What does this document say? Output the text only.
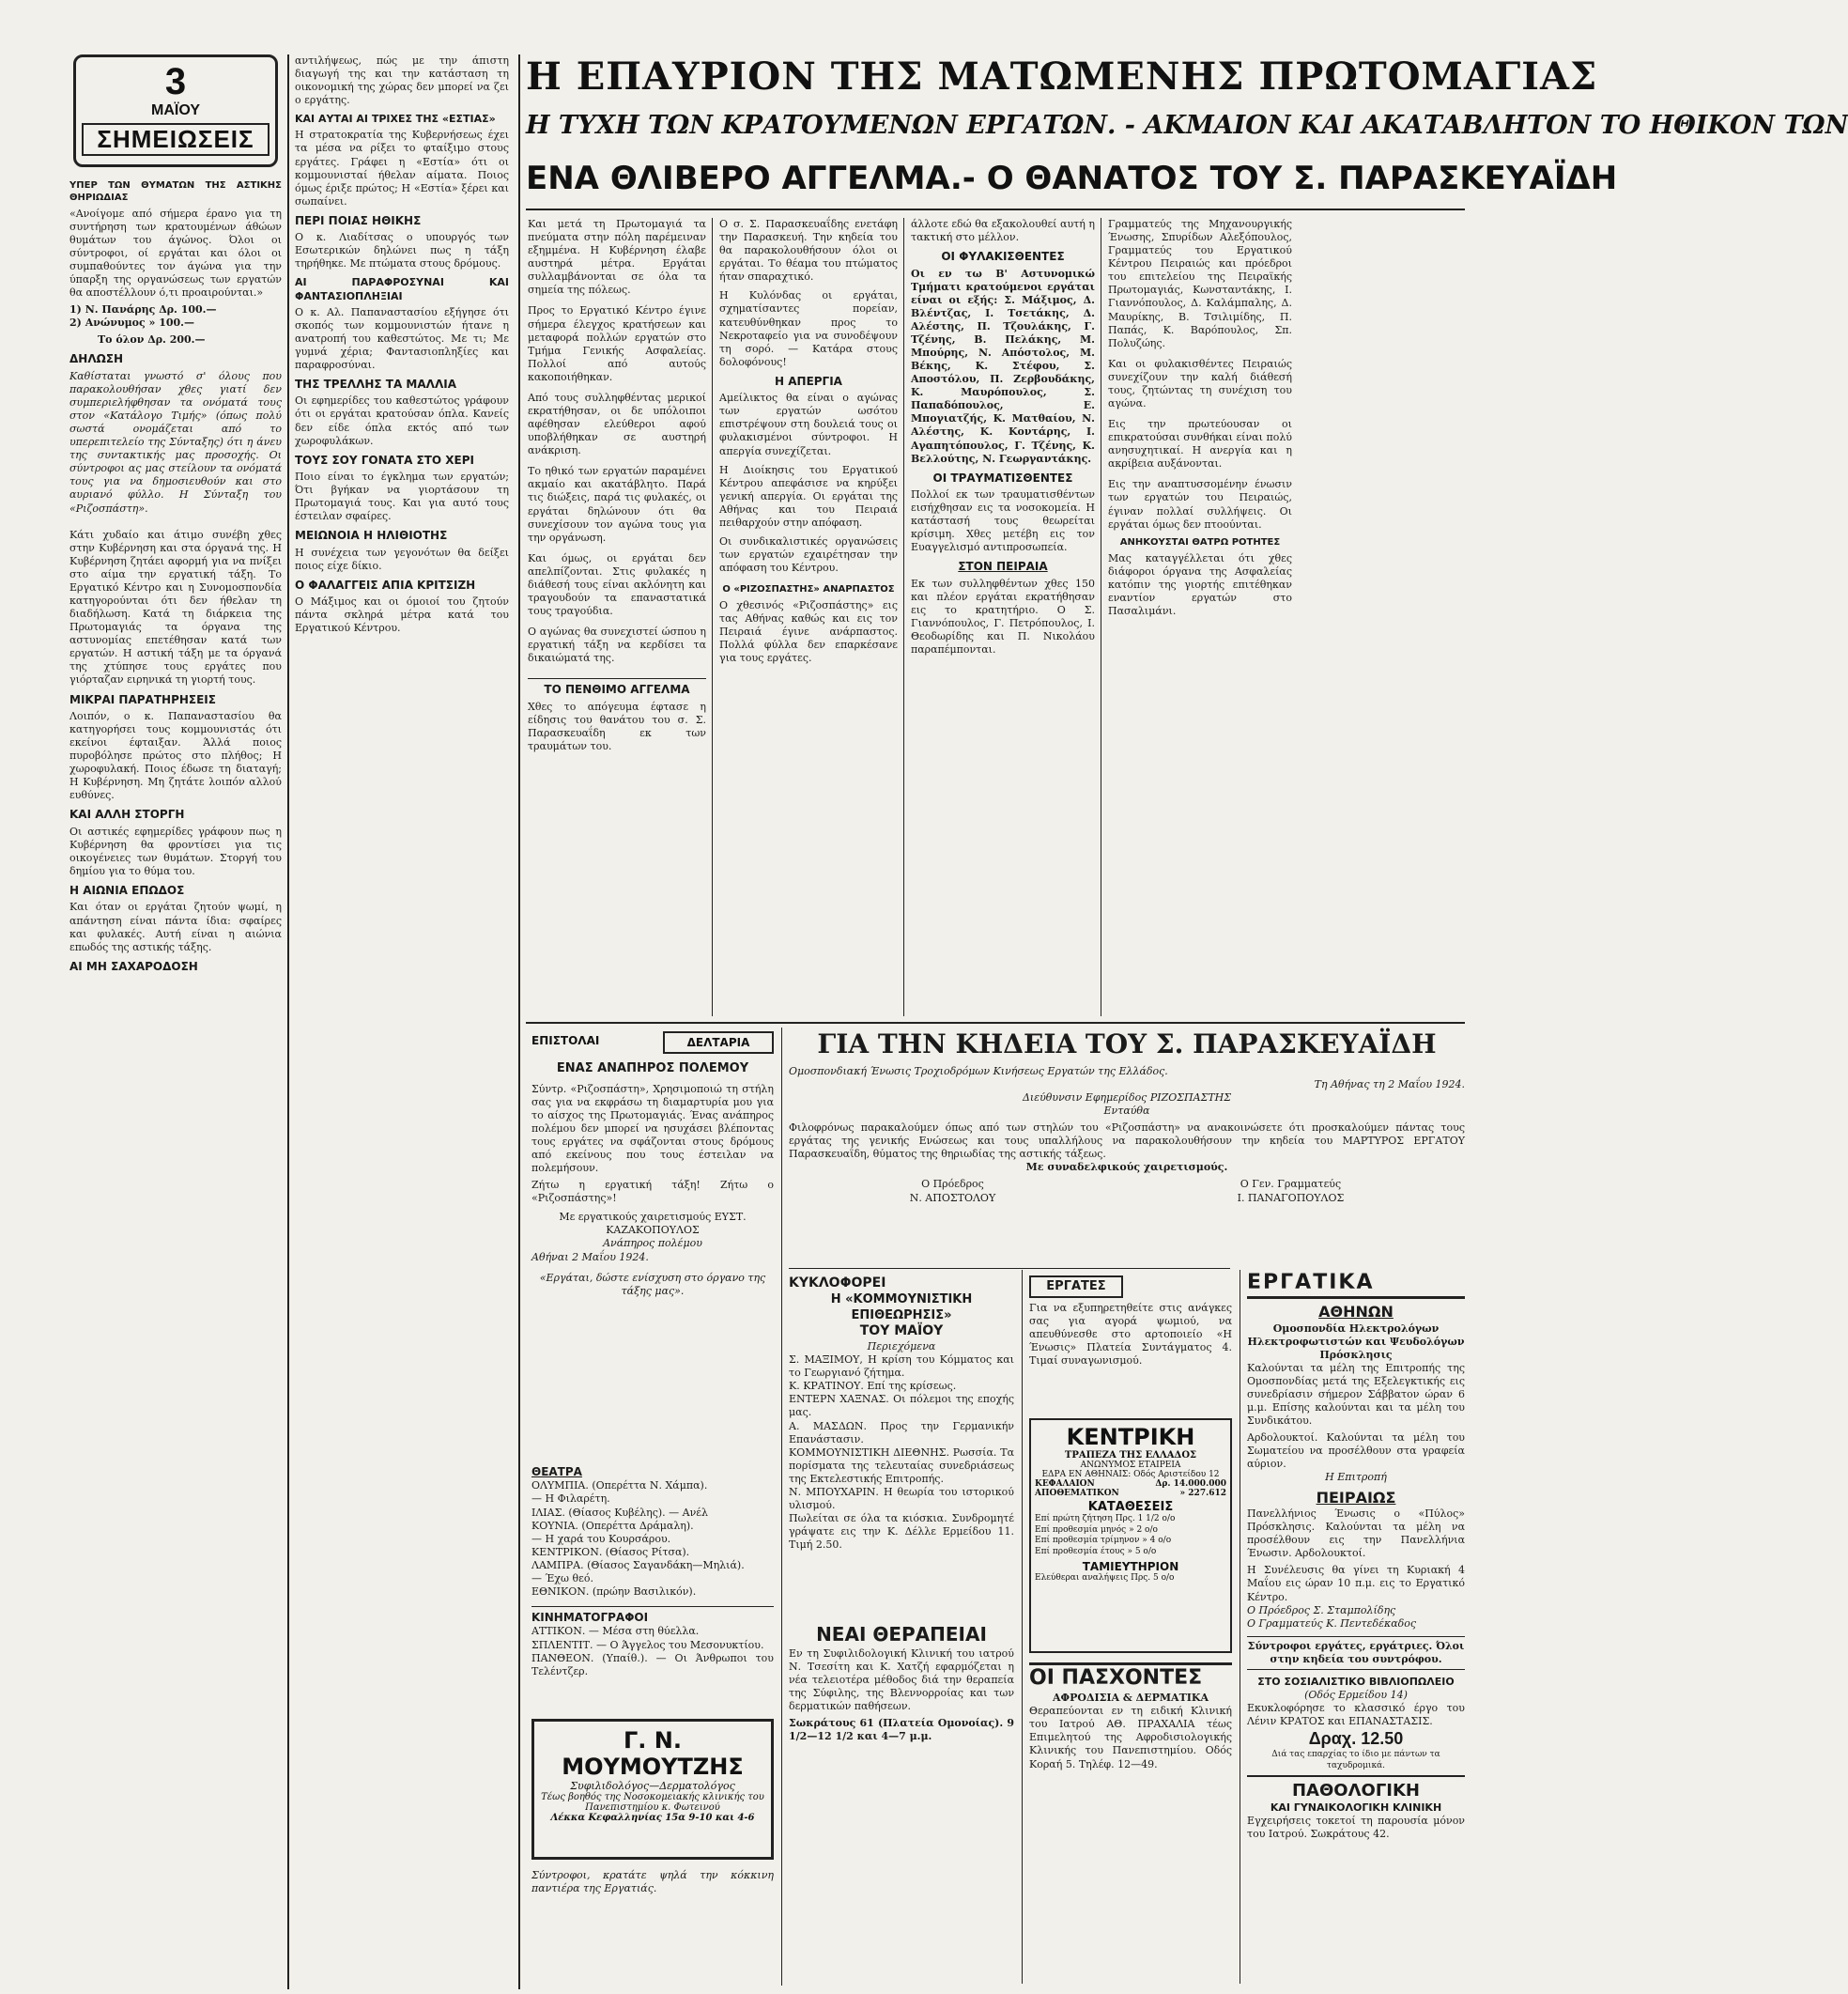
3
ΜΑΪΟΥ
ΣΗΜΕΙΩΣΕΙΣ
ΥΠΕΡ ΤΩΝ ΘΥΜΑΤΩΝ ΤΗΣ ΑΣΤΙΚΗΣ ΘΗΡΙΩΔΙΑΣ
«Ανοίγομε από σήμερα έρανο για τη συντήρηση των κρατουμένων άθώων θυμάτων του άγώνος. Όλοι οι σύντροφοι, οί εργάται και όλοι οι συμπαθούντες τον άγώνα για την ύπαρξη της οργανώσεως των εργατών θα αποστέλλουν ό,τι προαιρούνται.»
1) Ν. Πανάρης Δρ. 100.—
2) Ανώνυμος » 100.—
Το όλον Δρ. 200.—
ΔΗΛΩΣΗ
Καθίσταται γνωστό σ' όλους που παρακολουθήσαν χθες γιατί δεν συμπεριελήφθησαν τα ονόματά τους στον «Κατάλογο Τιμής» (όπως πολύ σωστά ονομάζεται από το υπερεπιτελείο της Σύνταξης) ότι η άνευ της συντακτικής μας προσοχής. Οι σύντροφοι ας μας στείλουν τα ονόματά τους για να δημοσιευθούν και στο αυριανό φύλλο. Η Σύνταξη του «Ριζοσπάστη».
Κάτι χυδαίο και άτιμο συνέβη χθες στην Κυβέρνηση και στα όργανά της. Η Κυβέρνηση ζητάει αφορμή για να πνίξει στο αίμα την εργατική τάξη. Το Εργατικό Κέντρο και η Συνομοσπονδία κατηγορούνται ότι δεν ήθελαν τη διαδήλωση. Κατά τη διάρκεια της Πρωτομαγιάς τα όργανα της αστυνομίας επετέθησαν κατά των εργατών. Η αστική τάξη με τα όργανά της χτύπησε τους εργάτες που γιόρταζαν ειρηνικά τη γιορτή τους.
ΜΙΚΡΑΙ ΠΑΡΑΤΗΡΗΣΕΙΣ
Λοιπόν, ο κ. Παπαναστασίου θα κατηγορήσει τους κομμουνιστάς ότι εκείνοι έφταιξαν. Άλλά ποιος πυροβόλησε πρώτος στο πλήθος; Η χωροφυλακή. Ποιος έδωσε τη διαταγή; Η Κυβέρνηση. Μη ζητάτε λοιπόν αλλού ευθύνες.
ΚΑΙ ΑΛΛΗ ΣΤΟΡΓΗ
Οι αστικές εφημερίδες γράφουν πως η Κυβέρνηση θα φροντίσει για τις οικογένειες των θυμάτων. Στοργή του δημίου για το θύμα του.
Η ΑΙΩΝΙΑ ΕΠΩΔΟΣ
Και όταν οι εργάται ζητούν ψωμί, η απάντηση είναι πάντα ίδια: σφαίρες και φυλακές. Αυτή είναι η αιώνια επωδός της αστικής τάξης.
ΑΙ ΜΗ ΣΑΧΑΡΟΔΟΣΗ
αντιλήψεως, πώς με την άπιστη διαγωγή της και την κατάσταση τη οικονομική της χώρας δεν μπορεί να ζει ο εργάτης.
ΚΑΙ ΑΥΤΑΙ ΑΙ ΤΡΙΧΕΣ ΤΗΣ «ΕΣΤΙΑΣ»
Η στρατοκρατία της Κυβερνήσεως έχει τα μέσα να ρίξει το φταίξιμο στους εργάτες. Γράφει η «Εστία» ότι οι κομμουνισταί ήθελαν αίματα. Ποιος όμως έριξε πρώτος; Η «Εστία» ξέρει και σωπαίνει.
ΠΕΡΙ ΠΟΙΑΣ ΗΘΙΚΗΣ
Ο κ. Λιαδίτσας ο υπουργός των Εσωτερικών δηλώνει πως η τάξη τηρήθηκε. Με πτώματα στους δρόμους.
ΑΙ ΠΑΡΑΦΡΟΣΥΝΑΙ ΚΑΙ ΦΑΝΤΑΣΙΟΠΛΗΞΙΑΙ
Ο κ. Αλ. Παπαναστασίου εξήγησε ότι σκοπός των κομμουνιστών ήτανε η ανατροπή του καθεστώτος. Με τι; Με γυμνά χέρια; Φαντασιοπληξίες και παραφροσύναι.
ΤΗΣ ΤΡΕΛΛΗΣ ΤΑ ΜΑΛΛΙΑ
Οι εφημερίδες του καθεστώτος γράφουν ότι οι εργάται κρατούσαν όπλα. Κανείς δεν είδε όπλα εκτός από των χωροφυλάκων.
ΤΟΥΣ ΣΟΥ ΓΟΝΑΤΑ ΣΤΟ ΧΕΡΙ
Ποιο είναι το έγκλημα των εργατών; Ότι βγήκαν να γιορτάσουν τη Πρωτομαγιά τους. Και για αυτό τους έστειλαν σφαίρες.
ΜΕΙΩΝΟΙΑ Η ΗΛΙΘΙΟΤΗΣ
Η συνέχεια των γεγονότων θα δείξει ποιος είχε δίκιο.
Ο ΦΑΛΑΓΓΕΙΣ ΑΠΙΑ ΚΡΙΤΣΙΖΗ
Ο Μάξιμος και οι όμοιοί του ζητούν πάντα σκληρά μέτρα κατά του Εργατικού Κέντρου.
Η ΕΠΑΥΡΙΟΝ ΤΗΣ ΜΑΤΩΜΕΝΗΣ ΠΡΩΤΟΜΑΓΙΑΣ
Η ΤΥΧΗ ΤΩΝ ΚΡΑΤΟΥΜΕΝΩΝ ΕΡΓΑΤΩΝ. - ΑΚΜΑΙΟΝ ΚΑΙ ΑΚΑΤΑΒΛΗΤΟΝ ΤΟ ΗΘΙΚΟΝ ΤΩΝ
ΕΝΑ ΘΛΙΒΕΡΟ ΑΓΓΕΛΜΑ.- Ο ΘΑΝΑΤΟΣ ΤΟΥ Σ. ΠΑΡΑΣΚΕΥΑΪΔΗ
Και μετά τη Πρωτομαγιά τα πνεύματα στην πόλη παρέμειναν εξημμένα. Η Κυβέρνηση έλαβε αυστηρά μέτρα. Εργάται συλλαμβάνονται σε όλα τα σημεία της πόλεως.
Προς το Εργατικό Κέντρο έγινε σήμερα έλεγχος κρατήσεων και μεταφορά πολλών εργατών στο Τμήμα Γενικής Ασφαλείας. Πολλοί από αυτούς κακοποιήθηκαν.
Από τους συλληφθέντας μερικοί εκρατήθησαν, οι δε υπόλοιποι αφέθησαν ελεύθεροι αφού υποβλήθηκαν σε αυστηρή ανάκριση.
Το ηθικό των εργατών παραμένει ακμαίο και ακατάβλητο. Παρά τις διώξεις, παρά τις φυλακές, οι εργάται δηλώνουν ότι θα συνεχίσουν τον αγώνα τους για την οργάνωση.
Και όμως, οι εργάται δεν απελπίζονται. Στις φυλακές η διάθεσή τους είναι ακλόνητη και τραγουδούν τα επαναστατικά τους τραγούδια.
Ο αγώνας θα συνεχιστεί ώσπου η εργατική τάξη να κερδίσει τα δικαιώματά της.
ΤΟ ΠΕΝΘΙΜΟ ΑΓΓΕΛΜΑ
Χθες το απόγευμα έφτασε η είδησις του θανάτου του σ. Σ. Παρασκευαΐδη εκ των τραυμάτων του.
Ο σ. Σ. Παρασκευαΐδης ενετάφη την Παρασκευή. Την κηδεία του θα παρακολουθήσουν όλοι οι εργάται. Το θέαμα του πτώματος ήταν σπαραχτικό.
Η Κυλόνδας οι εργάται, σχηματίσαντες πορείαν, κατευθύνθηκαν προς το Νεκροταφείο για να συνοδέψουν τη σορό. — Κατάρα στους δολοφόνους!
Η ΑΠΕΡΓΙΑ
Αμείλικτος θα είναι ο αγώνας των εργατών ωσότου επιστρέψουν στη δουλειά τους οι φυλακισμένοι σύντροφοι. Η απεργία συνεχίζεται.
Η Διοίκησις του Εργατικού Κέντρου απεφάσισε να κηρύξει γενική απεργία. Οι εργάται της Αθήνας και του Πειραιά πειθαρχούν στην απόφαση.
Οι συνδικαλιστικές οργανώσεις των εργατών εχαιρέτησαν την απόφαση του Κέντρου.
Ο «ΡΙΖΟΣΠΑΣΤΗΣ» ΑΝΑΡΠΑΣΤΟΣ
Ο χθεσινός «Ριζοσπάστης» εις τας Αθήνας καθώς και εις τον Πειραιά έγινε ανάρπαστος. Πολλά φύλλα δεν επαρκέσανε για τους εργάτες.
άλλοτε εδώ θα εξακολουθεί αυτή η τακτική στο μέλλον.
ΟΙ ΦΥΛΑΚΙΣΘΕΝΤΕΣ
Οι εν τω Β' Αστυνομικώ Τμήματι κρατούμενοι εργάται είναι οι εξής: Σ. Μάξιμος, Δ. Βλέντζας, Ι. Τσετάκης, Δ. Αλέστης, Π. Τζουλάκης, Γ. Τζένης, Β. Πελάκης, Μ. Μπούρης, Ν. Απόστολος, Μ. Βέκης, Κ. Στέφου, Σ. Αποστόλου, Π. Ζερβουδάκης, Κ. Μαυρόπουλος, Σ. Παπαδόπουλος, Ε. Μπογιατζής, Κ. Ματθαίου, Ν. Αλέστης, Κ. Κοντάρης, Ι. Αγαπητόπουλος, Γ. Τζένης, Κ. Βελλούτης, Ν. Γεωργαντάκης.
ΟΙ ΤΡΑΥΜΑΤΙΣΘΕΝΤΕΣ
Πολλοί εκ των τραυματισθέντων εισήχθησαν εις τα νοσοκομεία. Η κατάστασή τους θεωρείται κρίσιμη. Χθες μετέβη εις τον Ευαγγελισμό αντιπροσωπεία.
ΣΤΟΝ ΠΕΙΡΑΙΑ
Εκ των συλληφθέντων χθες 150 και πλέον εργάται εκρατήθησαν εις το κρατητήριο. Ο Σ. Γιαννόπουλος, Γ. Πετρόπουλος, Ι. Θεοδωρίδης και Π. Νικολάου παραπέμπονται.
Γραμματεύς της Μηχανουργικής Ένωσης, Σπυρίδων Αλεξόπουλος, Γραμματεύς του Εργατικού Κέντρου Πειραιώς και πρόεδροι του επιτελείου της Πειραϊκής Πρωτομαγιάς, Κωνσταντάκης, Ι. Γιαννόπουλος, Δ. Καλάμπαλης, Δ. Μαυρίκης, Β. Τσιλιμίδης, Π. Παπάς, Κ. Βαρόπουλος, Σπ. Πολυζώης.
Και οι φυλακισθέντες Πειραιώς συνεχίζουν την καλή διάθεσή τους, ζητώντας τη συνέχιση του αγώνα.
Εις την πρωτεύουσαν οι επικρατούσαι συνθήκαι είναι πολύ ανησυχητικαί. Η ανεργία και η ακρίβεια αυξάνονται.
Εις την αναπτυσσομένην ένωσιν των εργατών του Πειραιώς, έγιναν πολλαί συλλήψεις. Οι εργάται όμως δεν πτοούνται.
ΑΝΗΚΟΥΣΤΑΙ ΘΑΤΡΩ ΡΟΤΗΤΕΣ
Μας καταγγέλλεται ότι χθες διάφοροι όργανα της Ασφαλείας κατόπιν της γιορτής επιτέθηκαν εναντίον εργατών στο Πασαλιμάνι.
ΕΠΙΣΤΟΛΑΙ	ΔΕΛΤΑΡΙΑ
ΕΝΑΣ ΑΝΑΠΗΡΟΣ ΠΟΛΕΜΟΥ
Σύντρ. «Ριζοσπάστη», Χρησιμοποιώ τη στήλη σας για να εκφράσω τη διαμαρτυρία μου για το αίσχος της Πρωτομαγιάς. Ένας ανάπηρος πολέμου δεν μπορεί να ησυχάσει βλέποντας τους εργάτες να σφάζονται στους δρόμους από εκείνους που τους έστειλαν να πολεμήσουν.
Ζήτω η εργατική τάξη! Ζήτω ο «Ριζοσπάστης»!
Με εργατικούς χαιρετισμούς ΕΥΣΤ. ΚΑΖΑΚΟΠΟΥΛΟΣ
Ανάπηρος πολέμου
Αθήναι 2 Μαΐου 1924.
«Εργάται, δώστε ενίσχυση στο όργανο της τάξης μας».
ΘΕΑΤΡΑ
ΟΛΥΜΠΙΑ. (Οπερέττα Ν. Χάμπα).
— Η Φιλαρέτη.
ΙΛΙΑΣ. (Θίασος Κυβέλης). — Ανέλ
ΚΟΥΝΙΑ. (Οπερέττα Δράμαλη).
— Η χαρά του Κουρσάρου.
ΚΕΝΤΡΙΚΟΝ. (Θίασος Ρίτσα).
ΛΑΜΠΡΑ. (Θίασος Σαγανδάκη—Μηλιά).
— Έχω θεό.
ΕΘΝΙΚΟΝ. (πρώην Βασιλικόν).
ΚΙΝΗΜΑΤΟΓΡΑΦΟΙ
ΑΤΤΙΚΟΝ. — Μέσα στη θύελλα.
ΣΠΛΕΝΤΙΤ. — Ο Άγγελος του Μεσονυκτίου.
ΠΑΝΘΕΟΝ. (Υπαίθ.). — Οι Άνθρωποι του Τελέντζερ.
Γ. Ν. ΜΟΥΜΟΥΤΖΗΣ
Συφιλιδολόγος—Δερματολόγος
Τέως βοηθός της Νοσοκομειακής κλινικής του Πανεπιστημίου κ. Φωτεινού
Λέκκα Κεφαλληνίας 15α 9-10 και 4-6
Σύντροφοι, κρατάτε ψηλά την κόκκινη παντιέρα της Εργατιάς.
ΓΙΑ ΤΗΝ ΚΗΔΕΙΑ ΤΟΥ Σ. ΠΑΡΑΣΚΕΥΑΪΔΗ
Ομοσπονδιακή Ένωσις Τροχιοδρόμων Κινήσεως Εργατών της Ελλάδος.
Τη Αθήνας τη 2 Μαΐου 1924.
Διεύθυνσιν Εφημερίδος ΡΙΖΟΣΠΑΣΤΗΣ
Ενταύθα
Φιλοφρόνως παρακαλούμεν όπως από των στηλών του «Ριζοσπάστη» να ανακοινώσετε ότι προσκαλούμεν πάντας τους εργάτας της γενικής Ενώσεως και τους υπαλλήλους να παρακολουθήσουν την κηδεία του ΜΑΡΤΥΡΟΣ ΕΡΓΑΤΟΥ Παρασκευαΐδη, θύματος της θηριωδίας της αστικής τάξεως.
Με συναδελφικούς χαιρετισμούς.
Ο Πρόεδρος
Ν. ΑΠΟΣΤΟΛΟΥ
Ο Γεν. Γραμματεύς
Ι. ΠΑΝΑΓΟΠΟΥΛΟΣ
ΚΥΚΛΟΦΟΡΕΙ
Η «ΚΟΜΜΟΥΝΙΣΤΙΚΗ ΕΠΙΘΕΩΡΗΣΙΣ»
ΤΟΥ ΜΑΪΟΥ
Περιεχόμενα
Σ. ΜΑΞΙΜΟΥ, Η κρίση του Κόμματος και το Γεωργιανό ζήτημα.
Κ. ΚΡΑΤΙΝΟΥ. Επί της κρίσεως.
ΕΝΤΕΡΝ ΧΑΞΝΑΣ. Οι πόλεμοι της εποχής μας.
Α. ΜΑΣΔΩΝ. Προς την Γερμανικήν Επανάστασιν.
ΚΟΜΜΟΥΝΙΣΤΙΚΗ ΔΙΕΘΝΗΣ. Ρωσσία. Τα πορίσματα της τελευταίας συνεδριάσεως της Εκτελεστικής Επιτροπής.
Ν. ΜΠΟΥΧΑΡΙΝ. Η θεωρία του ιστορικού υλισμού.
Πωλείται σε όλα τα κιόσκια. Συνδρομητέ γράψατε εις την Κ. Δέλλε Ερμείδου 11. Τιμή 2.50.
ΝΕΑΙ ΘΕΡΑΠΕΙΑΙ
Εν τη Συφιλιδολογική Κλινική του ιατρού Ν. Τσεσίτη και Κ. Χατζή εφαρμόζεται η νέα τελειοτέρα μέθοδος διά την θεραπεία της Σύφιλης, της Βλεννορροίας και των δερματικών παθήσεων.
Σωκράτους 61 (Πλατεία Ομονοίας). 9 1/2—12 1/2 και 4—7 μ.μ.
ΕΡΓΑΤΕΣ
Για να εξυπηρετηθείτε στις ανάγκες σας για αγορά ψωμιού, να απευθύνεσθε στο αρτοποιείο «Η Ένωσις» Πλατεία Συντάγματος 4. Τιμαί συναγωνισμού.
ΚΕΝΤΡΙΚΗ
ΤΡΑΠΕΖΑ ΤΗΣ ΕΛΛΑΔΟΣ
ΑΝΩΝΥΜΟΣ ΕΤΑΙΡΕΙΑ
ΕΔΡΑ ΕΝ ΑΘΗΝΑΙΣ: Οδός Αριστείδου 12
ΚΕΦΑΛΑΙΟΝ	Δρ. 14.000.000
ΑΠΟΘΕΜΑΤΙΚΟΝ	» 227.612
ΚΑΤΑΘΕΣΕΙΣ
Επί πρώτη ζήτηση Πρς. 1 1/2 ο/ο
Επί προθεσμία μηνός » 2 ο/ο
Επί προθεσμία τρίμηνον » 4 ο/ο
Επί προθεσμία έτους » 5 ο/ο
ΤΑΜΙΕΥΤΗΡΙΟΝ
Ελεύθεραι αναλήψεις Πρς. 5 ο/ο
ΟΙ ΠΑΣΧΟΝΤΕΣ
ΑΦΡΟΔΙΣΙΑ & ΔΕΡΜΑΤΙΚΑ
Θεραπεύονται εν τη ειδική Κλινική του Ιατρού ΑΘ. ΠΡΑΧΑΛΙΑ τέως Επιμελητού της Αφροδισιολογικής Κλινικής του Πανεπιστημίου. Οδός Κοραή 5. Τηλέφ. 12—49.
ΕΡΓΑΤΙΚΑ
ΑΘΗΝΩΝ
Ομοσπονδία Ηλεκτρολόγων Ηλεκτροφωτιστών και Ψευδολόγων
Πρόσκλησις
Καλούνται τα μέλη της Επιτροπής της Ομοσπονδίας μετά της Εξελεγκτικής εις συνεδρίασιν σήμερον Σάββατον ώραν 6 μ.μ. Επίσης καλούνται και τα μέλη του Συνδικάτου.
Αρδολουκτοί. Καλούνται τα μέλη του Σωματείου να προσέλθουν στα γραφεία αύριον.
Η Επιτροπή
ΠΕΙΡΑΙΩΣ
Πανελλήνιος Ένωσις ο «Πύλος» Πρόσκλησις. Καλούνται τα μέλη να προσέλθουν εις την Πανελλήνια Ένωσιν. Αρδολουκτοί.
Η Συνέλευσις θα γίνει τη Κυριακή 4 Μαΐου εις ώραν 10 π.μ. εις το Εργατικό Κέντρο.
Ο Πρόεδρος Σ. Σταμπολίδης
Ο Γραμματεύς Κ. Πεντεδέκαδος
Σύντροφοι εργάτες, εργάτριες. Όλοι στην κηδεία του συντρόφου.
ΣΤΟ ΣΟΣΙΑΛΙΣΤΙΚΟ ΒΙΒΛΙΟΠΩΛΕΙΟ
(Οδός Ερμείδου 14)
Εκυκλοφόρησε το κλασσικό έργο του Λένιν ΚΡΑΤΟΣ και ΕΠΑΝΑΣΤΑΣΙΣ.
Δραχ. 12.50
Διά τας επαρχίας το ίδιο με πάντων τα ταχυδρομικά.
ΠΑΘΟΛΟΓΙΚΗ
ΚΑΙ ΓΥΝΑΙΚΟΛΟΓΙΚΗ ΚΛΙΝΙΚΗ
Εγχειρήσεις τοκετοί τη παρουσία μόνον του Ιατρού. Σωκράτους 42.
